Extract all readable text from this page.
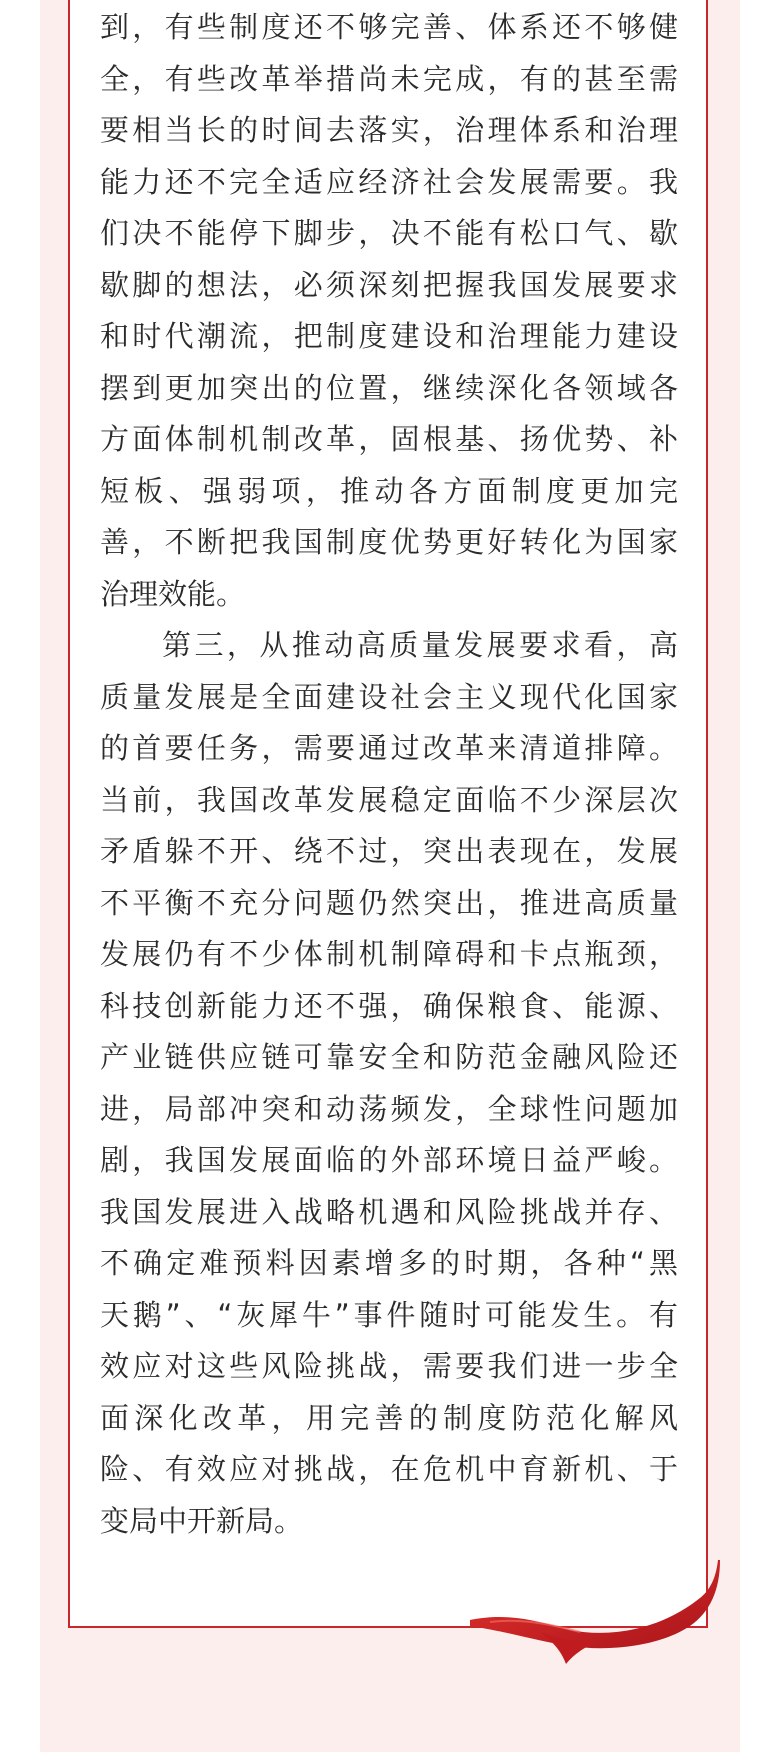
到，有些制度还不够完善、体系还不够健
全，有些改革举措尚未完成，有的甚至需
要相当长的时间去落实，治理体系和治理
能力还不完全适应经济社会发展需要。我
们决不能停下脚步，决不能有松口气、歇
歇脚的想法，必须深刻把握我国发展要求
和时代潮流，把制度建设和治理能力建设
摆到更加突出的位置，继续深化各领域各
方面体制机制改革，固根基、扬优势、补
短板、强弱项，推动各方面制度更加完
善，不断把我国制度优势更好转化为国家
治理效能。
第三，从推动高质量发展要求看，高
质量发展是全面建设社会主义现代化国家
的首要任务，需要通过改革来清道排障。
当前，我国改革发展稳定面临不少深层次
矛盾躲不开、绕不过，突出表现在，发展
不平衡不充分问题仍然突出，推进高质量
发展仍有不少体制机制障碍和卡点瓶颈，
科技创新能力还不强，确保粮食、能源、
产业链供应链可靠安全和防范金融风险还
进，局部冲突和动荡频发，全球性问题加
剧，我国发展面临的外部环境日益严峻。
我国发展进入战略机遇和风险挑战并存、
不确定难预料因素增多的时期，各种“黑
天鹅”、“灰犀牛”事件随时可能发生。有
效应对这些风险挑战，需要我们进一步全
面深化改革，用完善的制度防范化解风
险、有效应对挑战，在危机中育新机、于
变局中开新局。
